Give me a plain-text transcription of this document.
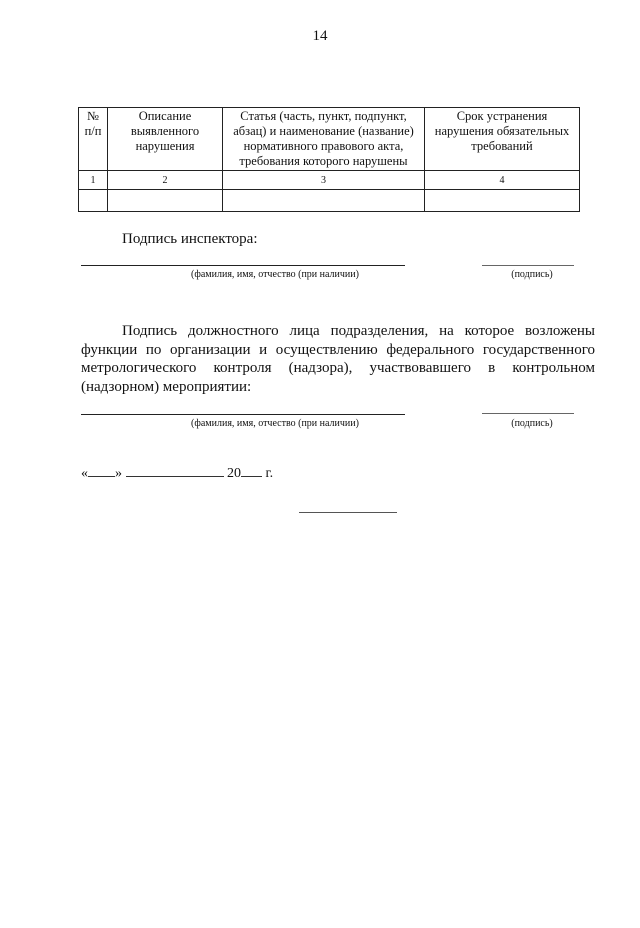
14
№ п/п	Описание выявленного нарушения	Статья (часть, пункт, подпункт, абзац) и наименование (название) нормативного правового акта, требования которого нарушены	Срок устранения нарушения обязательных требований
1	2	3	4

Подпись инспектора:
(фамилия, имя, отчество (при наличии)	(подпись)
Подпись должностного лица подразделения, на которое возложены функции по организации и осуществлению федерального государственного метрологического контроля (надзора), участвовавшего в контрольном (надзорном) мероприятии:
(фамилия, имя, отчество (при наличии)	(подпись)
« »	20 г.
